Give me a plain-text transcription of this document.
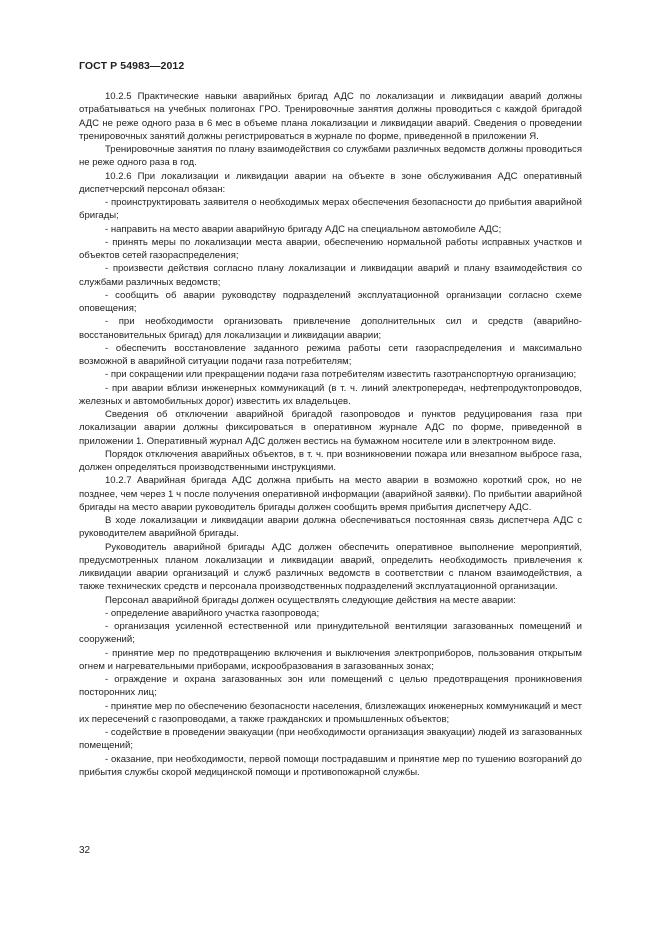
ГОСТ Р 54983—2012

10.2.5 Практические навыки аварийных бригад АДС по локализации и ликвидации аварий должны отрабатываться на учебных полигонах ГРО. Тренировочные занятия должны проводиться с каждой бригадой АДС не реже одного раза в 6 мес в объеме плана локализации и ликвидации аварий. Сведения о проведении тренировочных занятий должны регистрироваться в журнале по форме, приведенной в приложении Я.

Тренировочные занятия по плану взаимодействия со службами различных ведомств должны проводиться не реже одного раза в год.

10.2.6 При локализации и ликвидации аварии на объекте в зоне обслуживания АДС оперативный диспетчерский персонал обязан:

- проинструктировать заявителя о необходимых мерах обеспечения безопасности до прибытия аварийной бригады;

- направить на место аварии аварийную бригаду АДС на специальном автомобиле АДС;

- принять меры по локализации места аварии, обеспечению нормальной работы исправных участков и объектов сетей газораспределения;

- произвести действия согласно плану локализации и ликвидации аварий и плану взаимодействия со службами различных ведомств;

- сообщить об аварии руководству подразделений эксплуатационной организации согласно схеме оповещения;

- при необходимости организовать привлечение дополнительных сил и средств (аварийно-восстановительных бригад) для локализации и ликвидации аварии;

- обеспечить восстановление заданного режима работы сети газораспределения и максимально возможной в аварийной ситуации подачи газа потребителям;

- при сокращении или прекращении подачи газа потребителям известить газотранспортную организацию;

- при аварии вблизи инженерных коммуникаций (в т. ч. линий электропередач, нефтепродуктопроводов, железных и автомобильных дорог) известить их владельцев.

Сведения об отключении аварийной бригадой газопроводов и пунктов редуцирования газа при локализации аварии должны фиксироваться в оперативном журнале АДС по форме, приведенной в приложении 1. Оперативный журнал АДС должен вестись на бумажном носителе или в электронном виде.

Порядок отключения аварийных объектов, в т. ч. при возникновении пожара или внезапном выбросе газа, должен определяться производственными инструкциями.

10.2.7 Аварийная бригада АДС должна прибыть на место аварии в возможно короткий срок, но не позднее, чем через 1 ч после получения оперативной информации (аварийной заявки). По прибытии аварийной бригады на место аварии руководитель бригады должен сообщить время прибытия диспетчеру АДС.

В ходе локализации и ликвидации аварии должна обеспечиваться постоянная связь диспетчера АДС с руководителем аварийной бригады.

Руководитель аварийной бригады АДС должен обеспечить оперативное выполнение мероприятий, предусмотренных планом локализации и ликвидации аварий, определить необходимость привлечения к ликвидации аварии организаций и служб различных ведомств в соответствии с планом взаимодействия, а также технических средств и персонала производственных подразделений эксплуатационной организации.

Персонал аварийной бригады должен осуществлять следующие действия на месте аварии:

- определение аварийного участка газопровода;

- организация усиленной естественной или принудительной вентиляции загазованных помещений и сооружений;

- принятие мер по предотвращению включения и выключения электроприборов, пользования открытым огнем и нагревательными приборами, искрообразования в загазованных зонах;

- ограждение и охрана загазованных зон или помещений с целью предотвращения проникновения посторонних лиц;

- принятие мер по обеспечению безопасности населения, близлежащих инженерных коммуникаций и мест их пересечений с газопроводами, а также гражданских и промышленных объектов;

- содействие в проведении эвакуации (при необходимости организация эвакуации) людей из загазованных помещений;

- оказание, при необходимости, первой помощи пострадавшим и принятие мер по тушению возгораний до прибытия службы скорой медицинской помощи и противопожарной службы.

32
